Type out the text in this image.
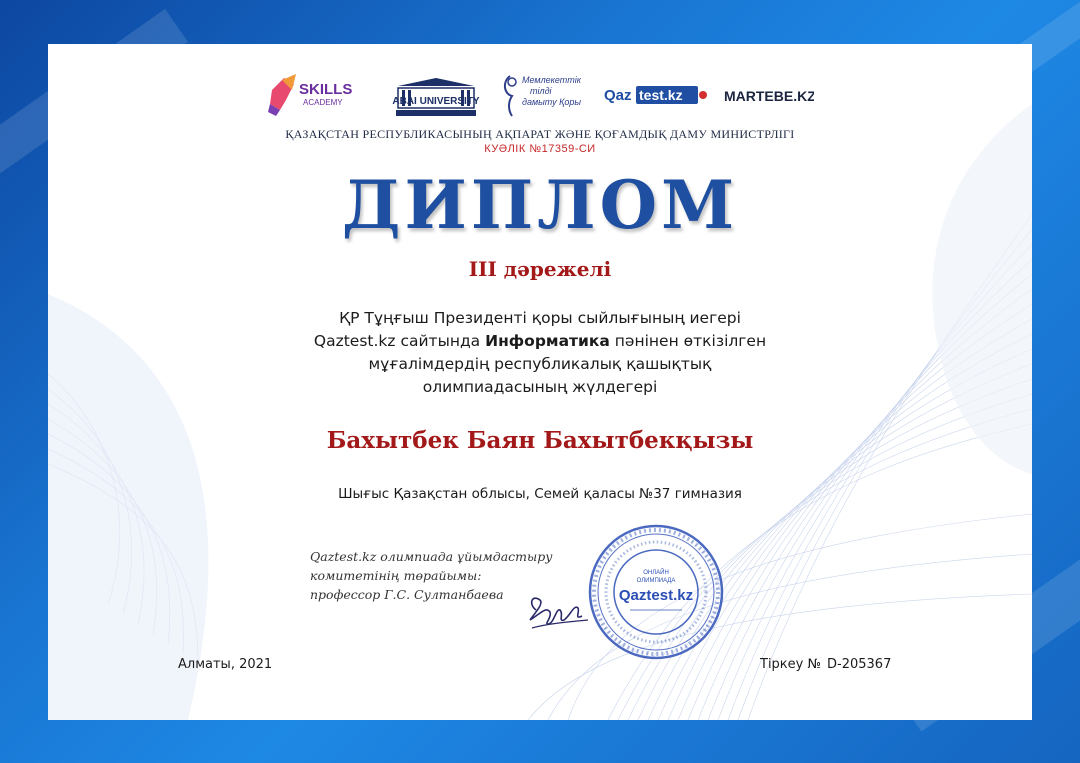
SKILLS
ACADEMY	ABAI UNIVERSITY
Мемлекеттік
тілді
дамыту Қоры Qaz test.kz	MARTEBE.KZ
ҚАЗАҚСТАН РЕСПУБЛИКАСЫНЫҢ АҚПАРАТ ЖӘНЕ ҚОҒАМДЫҚ ДАМУ МИНИСТРЛІГІ
КУӘЛІК №17359-СИ
ДИПЛОМ
III дәрежелі
ҚР Тұңғыш Президенті қоры сыйлығының иегері
Qaztest.kz сайтында Информатика пәнінен өткізілген
мұғалімдердің республикалық қашықтық
олимпиадасының жүлдегері
Бахытбек Баян Бахытбекқызы
Шығыс Қазақстан облысы, Семей қаласы №37 гимназия
Qaztest.kz олимпиада ұйымдастыру
комитетінің төрайымы:
профессор Г.С. Султанбаева
ОНЛАЙН
ОЛИМПИАДА
Qaztest.kz
Алматы, 2021	Тіркеу № D-205367
